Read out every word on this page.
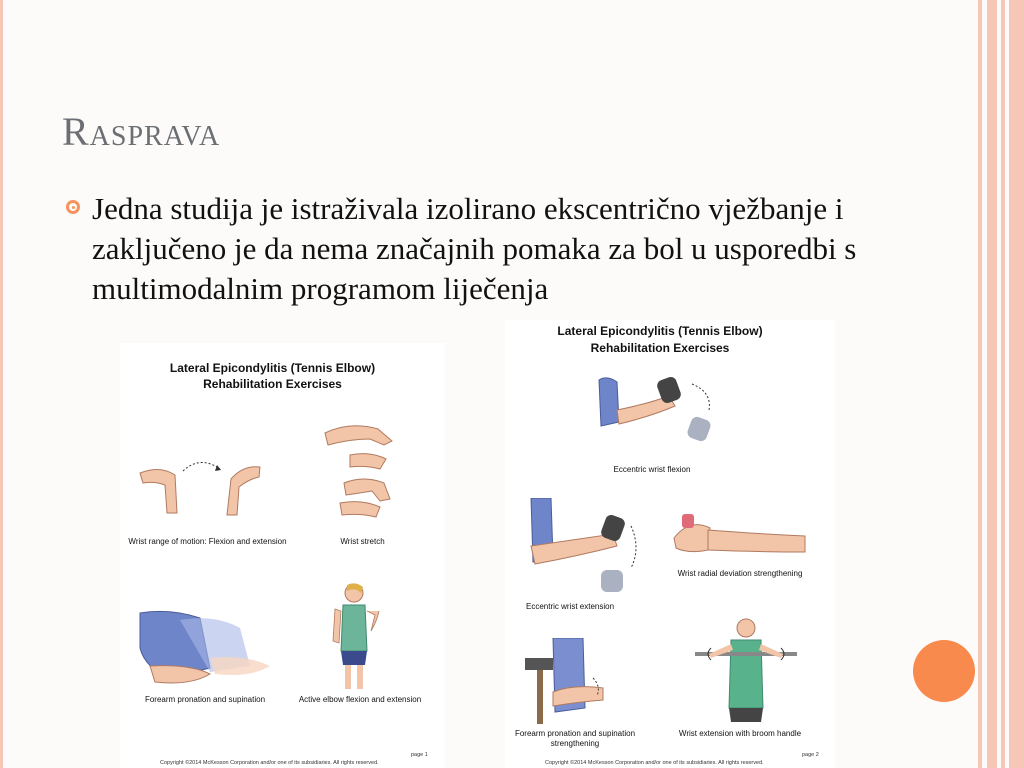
Rasprava
Jedna studija je istraživala izolirano ekscentrično vježbanje i zaključeno je da nema značajnih pomaka za bol u usporedbi s multimodalnim programom liječenja
Lateral Epicondylitis (Tennis Elbow)
Rehabilitation Exercises
Wrist range of motion: Flexion and extension	Wrist stretch
Forearm pronation and supination	Active elbow flexion and extension
page 1
Copyright ©2014 McKesson Corporation and/or one of its subsidiaries. All rights reserved.
Lateral Epicondylitis (Tennis Elbow)
Rehabilitation Exercises
Eccentric wrist flexion
Eccentric wrist extension
Wrist radial deviation strengthening
Forearm pronation and supination
strengthening
Wrist extension with broom handle
page 2
Copyright ©2014 McKesson Corporation and/or one of its subsidiaries. All rights reserved.
